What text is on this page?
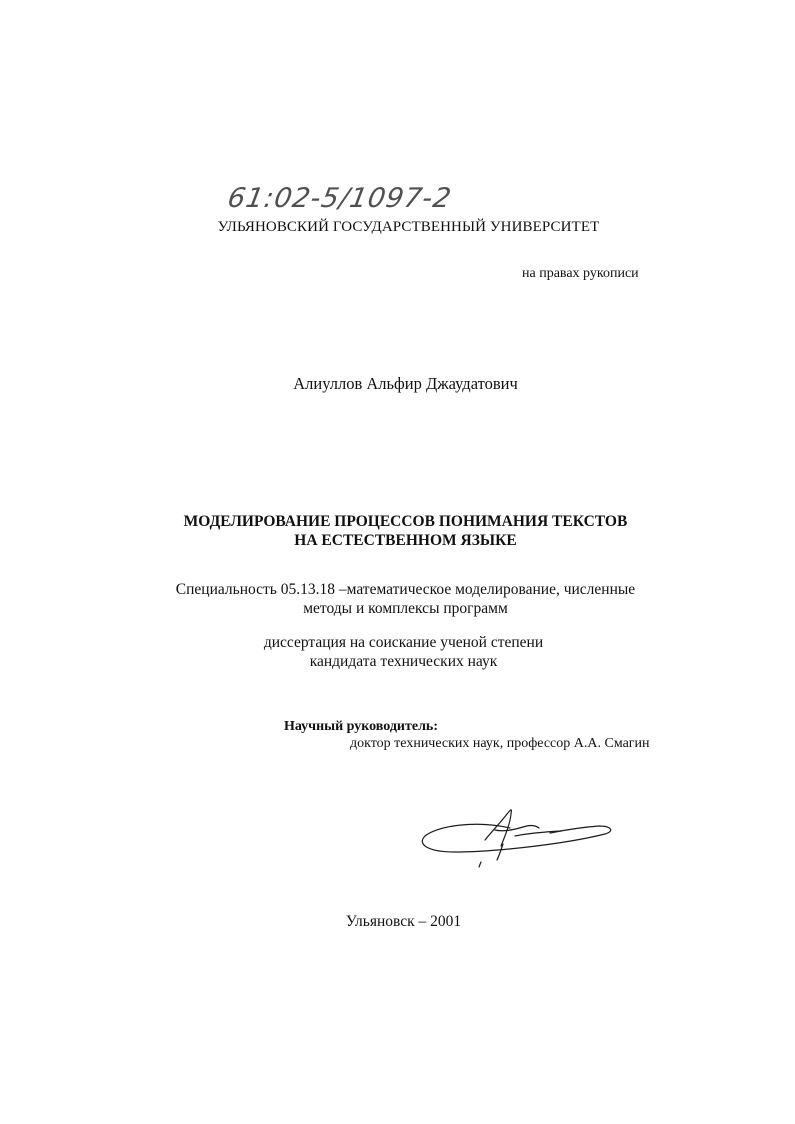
61:02-5/1097-2
УЛЬЯНОВСКИЙ ГОСУДАРСТВЕННЫЙ УНИВЕРСИТЕТ
на правах рукописи
Алиуллов Альфир Джаудатович
МОДЕЛИРОВАНИЕ ПРОЦЕССОВ ПОНИМАНИЯ ТЕКСТОВ
НА ЕСТЕСТВЕННОМ ЯЗЫКЕ
Специальность 05.13.18 –математическое моделирование, численные
методы и комплексы программ
диссертация на соискание ученой степени
кандидата технических наук
Научный руководитель:
доктор технических наук, профессор А.А. Смагин
Ульяновск – 2001
